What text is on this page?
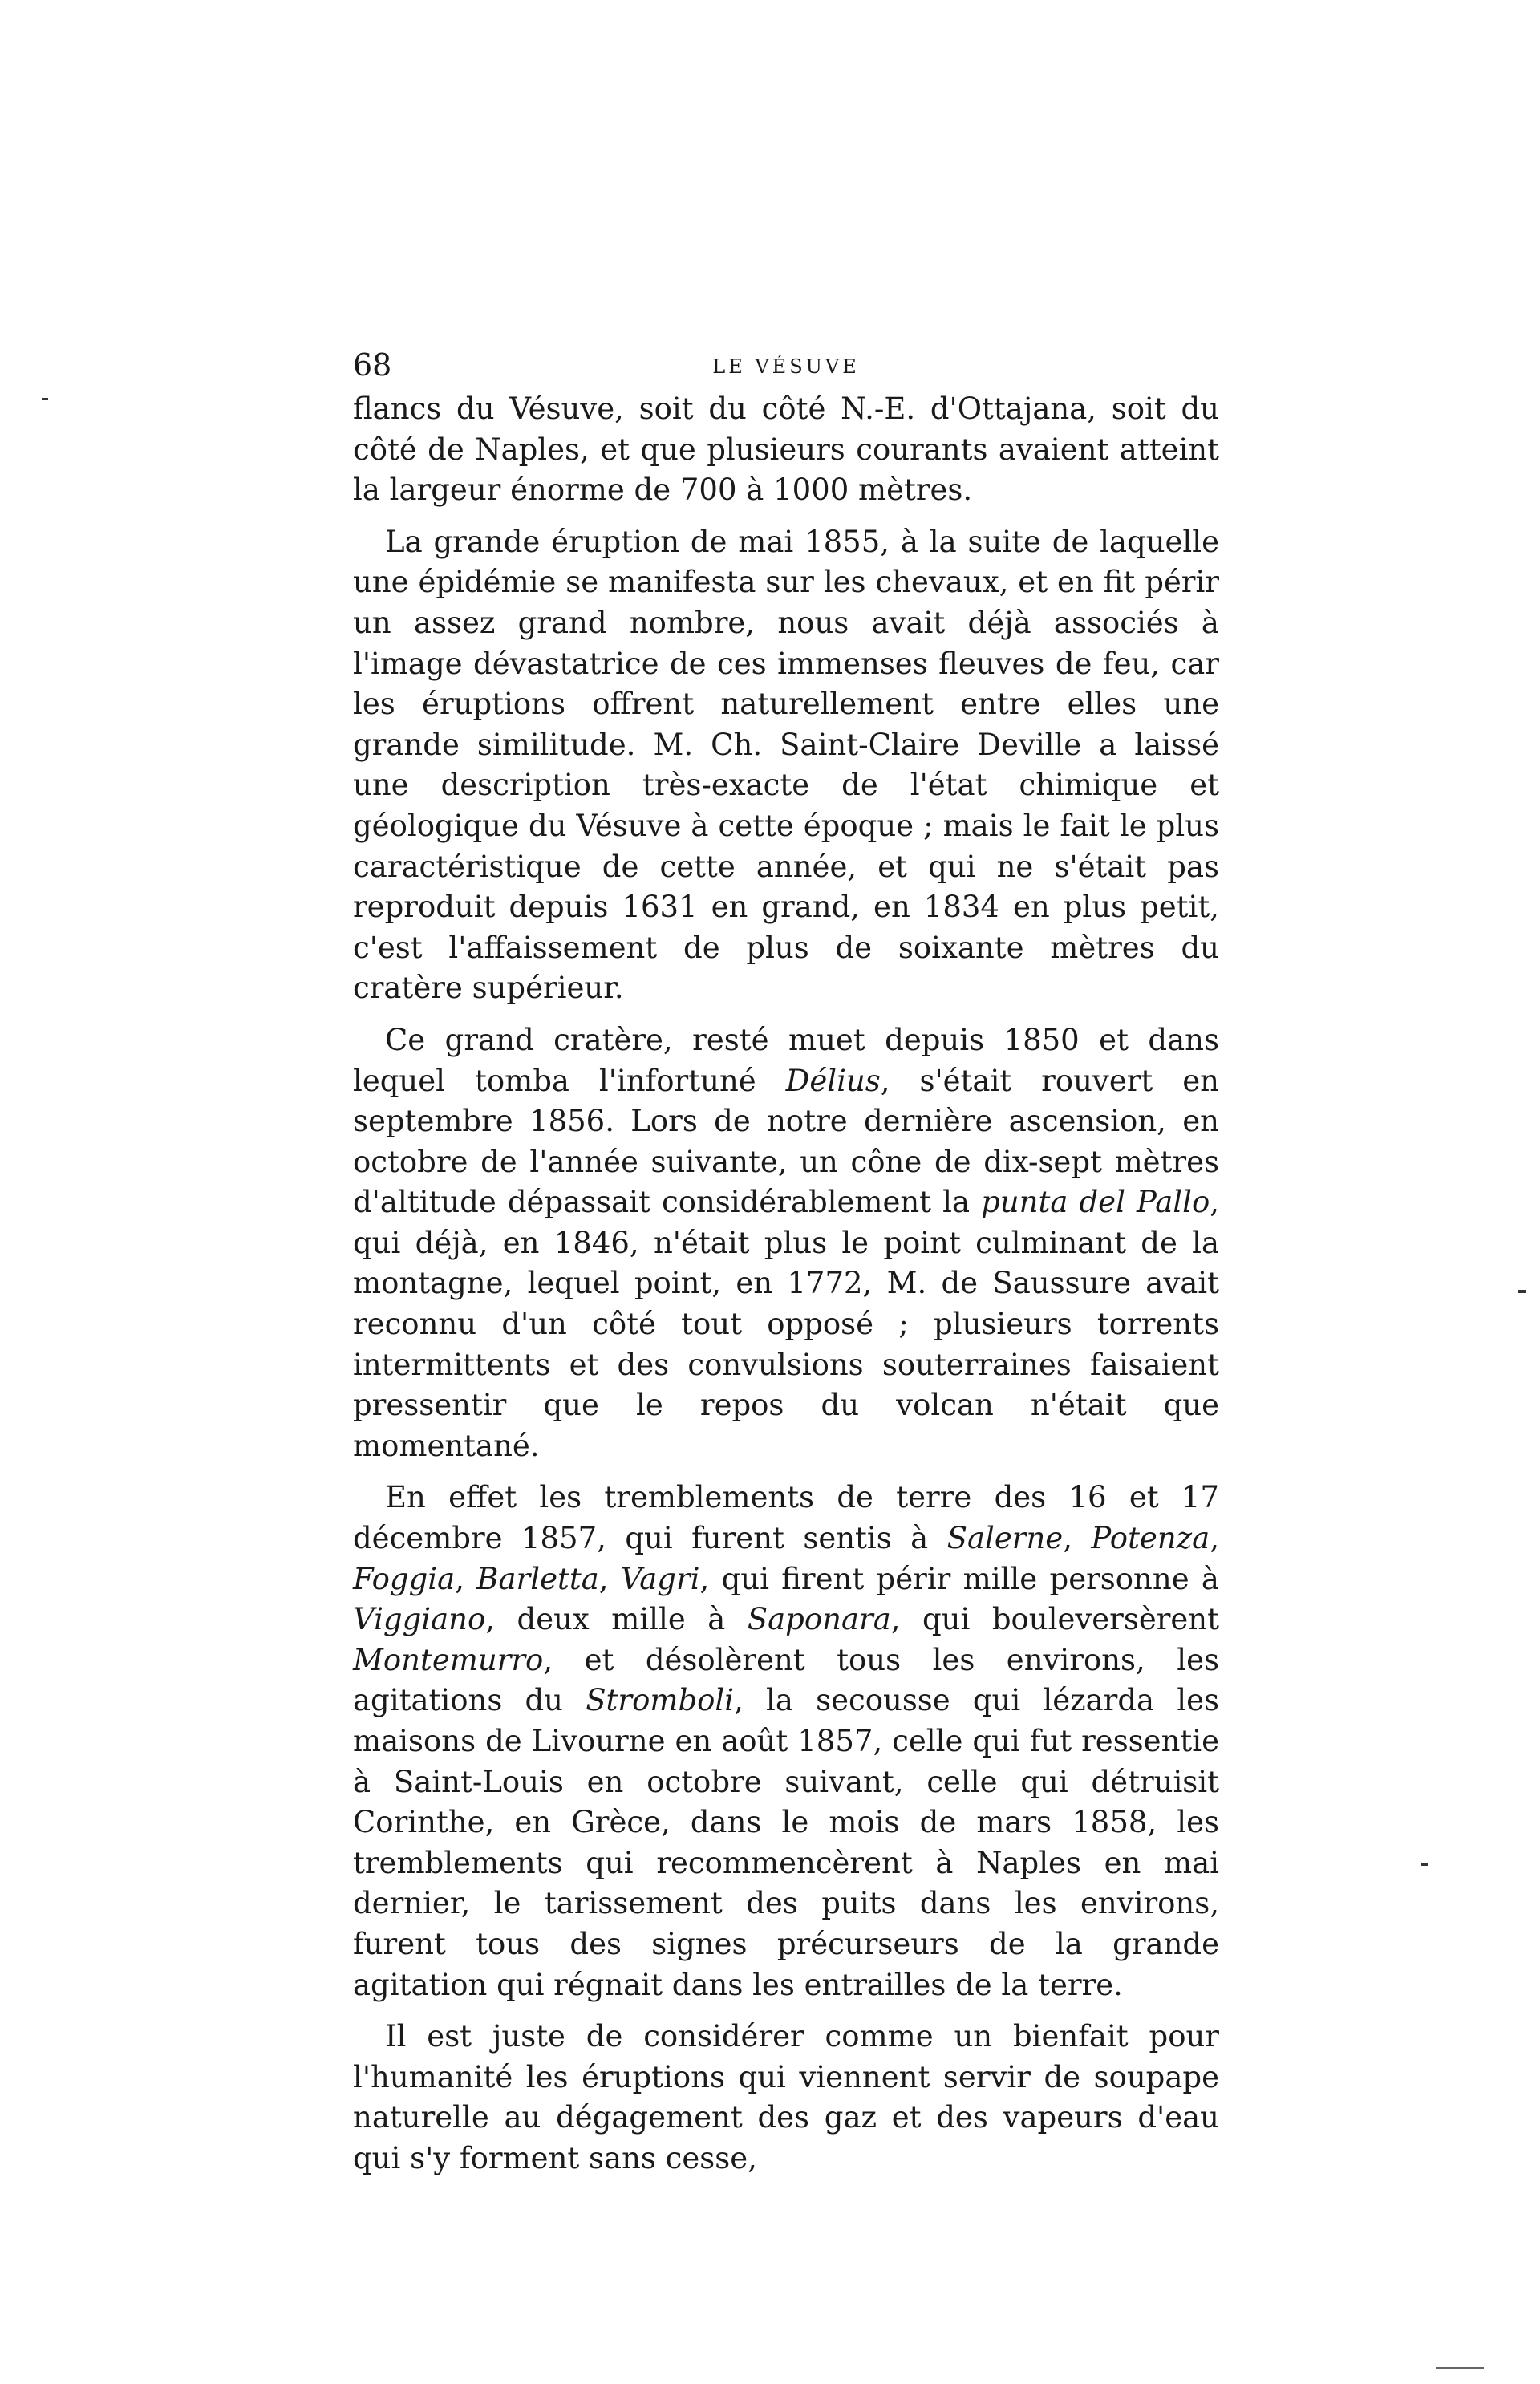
68	LE VÉSUVE

flancs du Vésuve, soit du côté N.-E. d'Ottajana, soit du côté de Naples, et que plusieurs courants avaient atteint la largeur énorme de 700 à 1000 mètres.

La grande éruption de mai 1855, à la suite de laquelle une épidémie se manifesta sur les chevaux, et en fit périr un assez grand nombre, nous avait déjà associés à l'image dévastatrice de ces immenses fleuves de feu, car les éruptions offrent naturellement entre elles une grande similitude. M. Ch. Saint-Claire Deville a laissé une description très-exacte de l'état chimique et géologique du Vésuve à cette époque ; mais le fait le plus caractéristique de cette année, et qui ne s'était pas reproduit depuis 1631 en grand, en 1834 en plus petit, c'est l'affaissement de plus de soixante mètres du cratère supérieur.

Ce grand cratère, resté muet depuis 1850 et dans lequel tomba l'infortuné Délius, s'était rouvert en septembre 1856. Lors de notre dernière ascension, en octobre de l'année suivante, un cône de dix-sept mètres d'altitude dépassait considérablement la punta del Pallo, qui déjà, en 1846, n'était plus le point culminant de la montagne, lequel point, en 1772, M. de Saussure avait reconnu d'un côté tout opposé ; plusieurs torrents intermittents et des convulsions souterraines faisaient pressentir que le repos du volcan n'était que momentané.

En effet les tremblements de terre des 16 et 17 décembre 1857, qui furent sentis à Salerne, Potenza, Foggia, Barletta, Vagri, qui firent périr mille personne à Viggiano, deux mille à Saponara, qui bouleversèrent Montemurro, et désolèrent tous les environs, les agitations du Stromboli, la secousse qui lézarda les maisons de Livourne en août 1857, celle qui fut ressentie à Saint-Louis en octobre suivant, celle qui détruisit Corinthe, en Grèce, dans le mois de mars 1858, les tremblements qui recommencèrent à Naples en mai dernier, le tarissement des puits dans les environs, furent tous des signes précurseurs de la grande agitation qui régnait dans les entrailles de la terre.

Il est juste de considérer comme un bienfait pour l'humanité les éruptions qui viennent servir de soupape naturelle au dégagement des gaz et des vapeurs d'eau qui s'y forment sans cesse,
